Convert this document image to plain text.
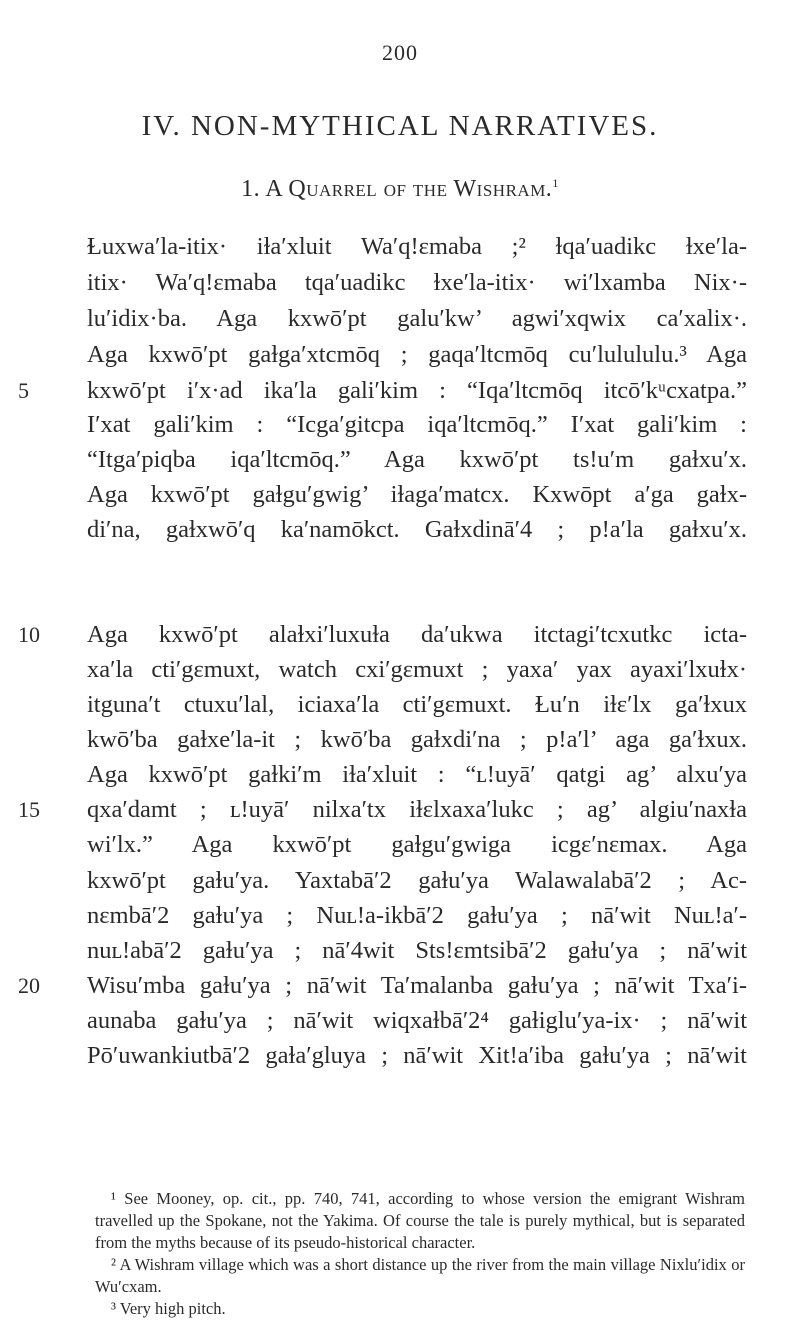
200
IV. NON-MYTHICAL NARRATIVES.
1. A Quarrel of the Wishram.$^1$
Ɫuxwa′la-itix· iɫa′xluit Wa′q!ɛmaba ;² ɫqa′uadikc ɫxe′la-
itix· Wa′q!ɛmaba tqa′uadikc ɫxe′la-itix· wi′lxamba Nix·-
lu′idix·ba. Aga kxwō′pt galu′kw’ agwi′xqwix ca′xalix·.
Aga kxwō′pt gaɫga′xtcmōq ; gaqa′ltcmōq cu′lulululu.³ Aga
kxwō′pt i′x·ad ika′la gali′kim : “Iqa′ltcmōq itcō′kᵘcxatpa.”
I′xat gali′kim : “Icga′gitcpa iqa′ltcmōq.” I′xat gali′kim :
“Itga′piqba iqa′ltcmōq.” Aga kxwō′pt ts!u′m gaɫxu′x.
Aga kxwō′pt gaɫgu′gwig’ iɫaga′matcx. Kxwōpt a′ga gaɫx-
di′na, gaɫxwō′q ka′namōkct. Gaɫxdinā′4 ; p!a′la gaɫxu′x.
Aga kxwō′pt alaɫxi′luxuɫa da′ukwa itctagi′tcxutkc icta-
xa′la cti′gɛmuxt, watch cxi′gɛmuxt ; yaxa′ yax ayaxi′lxuɫx·
itguna′t ctuxu′lal, iciaxa′la cti′gɛmuxt. Ɫu′n iɫɛ′lx ga′ɫxux
kwō′ba gaɫxe′la-it ; kwō′ba gaɫxdi′na ; p!a′l’ aga ga′ɫxux.
Aga kxwō′pt gaɫki′m iɫa′xluit : “ʟ!uyā′ qatgi ag’ alxu′ya
qxa′damt ; ʟ!uyā′ nilxa′tx iɫɛlxaxa′lukc ; ag’ algiu′naxɫa
wi′lx.” Aga kxwō′pt gaɫgu′gwiga icgɛ′nɛmax. Aga
kxwō′pt gaɫu′ya. Yaxtabā′2 gaɫu′ya Walawalabā′2 ; Ac-
nɛmbā′2 gaɫu′ya ; Nuʟ!a-ikbā′2 gaɫu′ya ; nā′wit Nuʟ!a′-
nuʟ!abā′2 gaɫu′ya ; nā′4wit Sts!ɛmtsibā′2 gaɫu′ya ; nā′wit
Wisu′mba gaɫu′ya ; nā′wit Ta′malanba gaɫu′ya ; nā′wit Txa′i-
aunaba gaɫu′ya ; nā′wit wiqxaɫbā′2⁴ gaɫiglu′ya-ix· ; nā′wit
Pō′uwankiutbā′2 gaɫa′gluya ; nā′wit Xit!a′iba gaɫu′ya ; nā′wit

¹ See Mooney, op. cit., pp. 740, 741, according to whose version the emigrant Wishram travelled up the Spokane, not the Yakima. Of course the tale is purely mythical, but is separated from the myths because of its pseudo-historical character.

² A Wishram village which was a short distance up the river from the main village Nixlu′idix or Wu′cxam.

³ Very high pitch.

5
10
15
20
